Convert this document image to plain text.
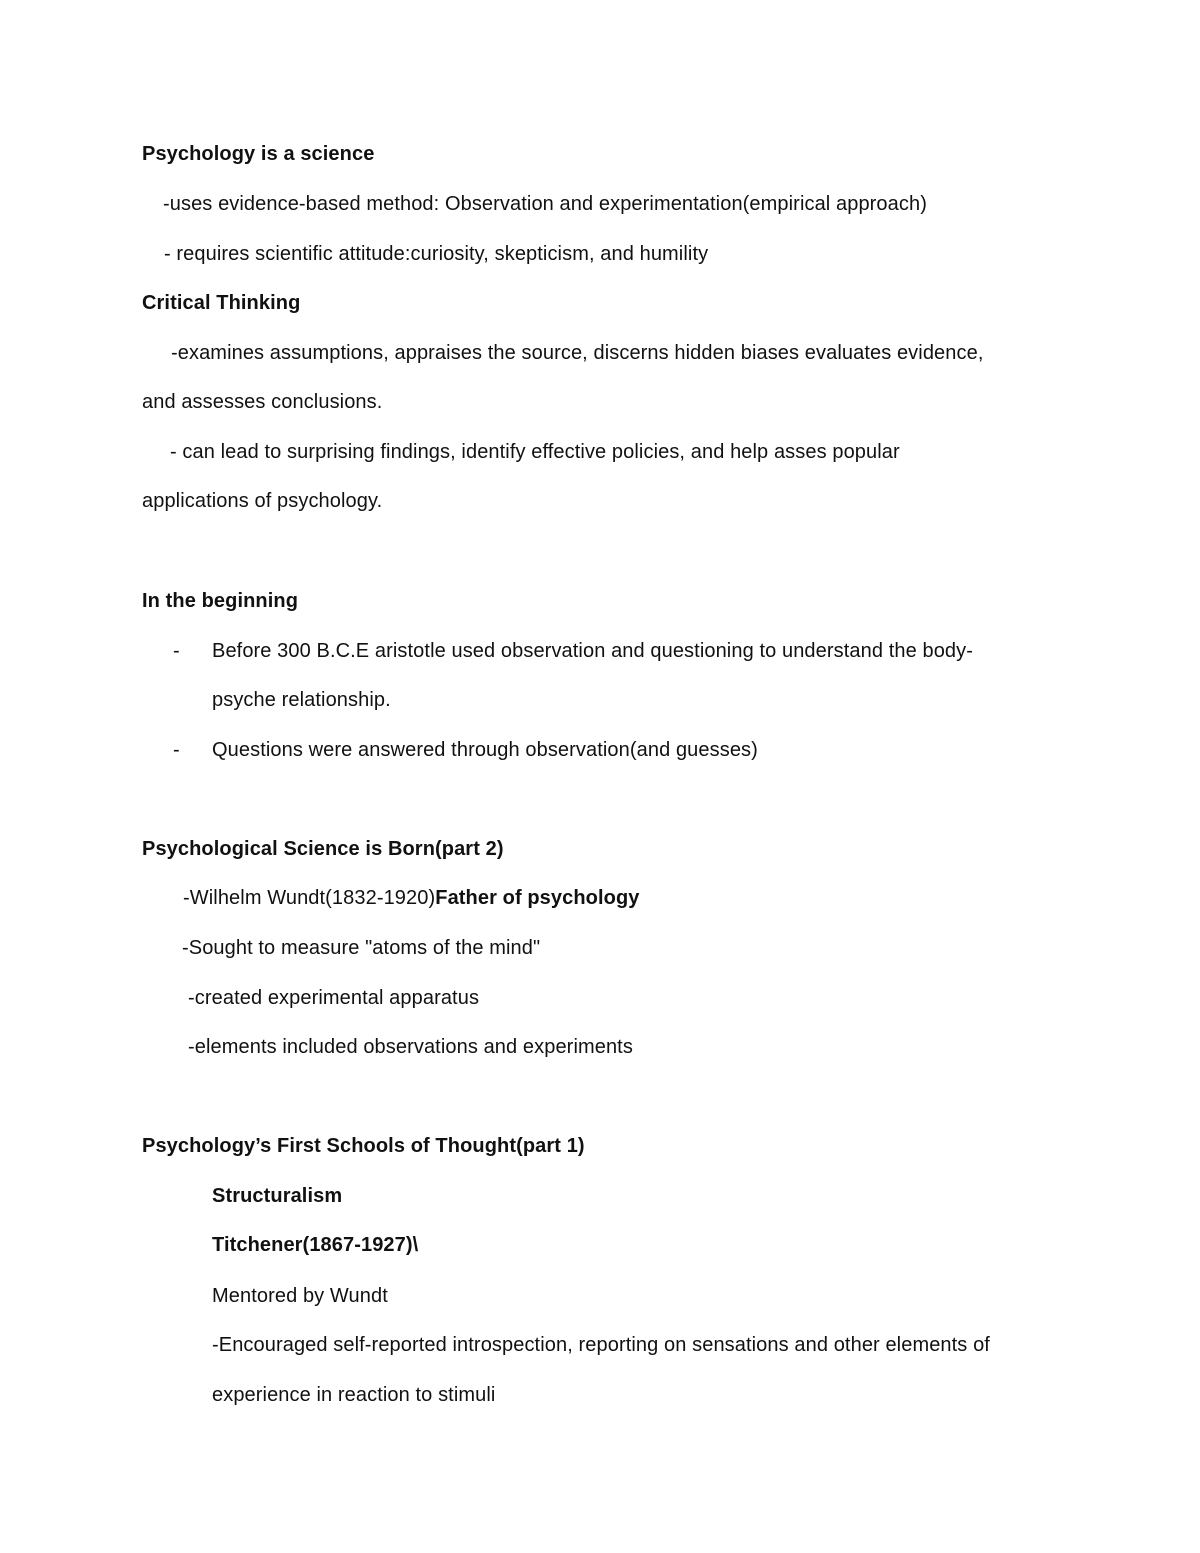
Psychology is a science
-uses evidence-based method: Observation and experimentation(empirical approach)
- requires scientific attitude:curiosity, skepticism, and humility
Critical Thinking
-examines assumptions, appraises the source, discerns hidden biases evaluates evidence,
and assesses conclusions.
- can lead to surprising findings, identify effective policies, and help asses popular
applications of psychology.
In the beginning
- Before 300 B.C.E aristotle used observation and questioning to understand the body-
psyche relationship.
- Questions were answered through observation(and guesses)
Psychological Science is Born(part 2)
-Wilhelm Wundt(1832-1920)Father of psychology
-Sought to measure "atoms of the mind"
-created experimental apparatus
-elements included observations and experiments
Psychology’s First Schools of Thought(part 1)
Structuralism
Titchener(1867-1927)\
Mentored by Wundt
-Encouraged self-reported introspection, reporting on sensations and other elements of
experience in reaction to stimuli
